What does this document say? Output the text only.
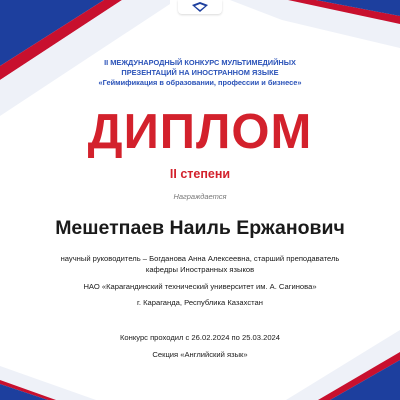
II МЕЖДУНАРОДНЫЙ КОНКУРС МУЛЬТИМЕДИЙНЫХ
ПРЕЗЕНТАЦИЙ НА ИНОСТРАННОМ ЯЗЫКЕ
«Геймификация в образовании, профессии и бизнесе»
ДИПЛОМ
II степени
Награждается
Мешетпаев Наиль Ержанович
научный руководитель – Богданова Анна Алексеевна, старший преподаватель
кафедры Иностранных языков
НАО «Карагандинский технический университет им. А. Сагинова»
г. Караганда, Республика Казахстан
Конкурс проходил с 26.02.2024 по 25.03.2024
Секция «Английский язык»
